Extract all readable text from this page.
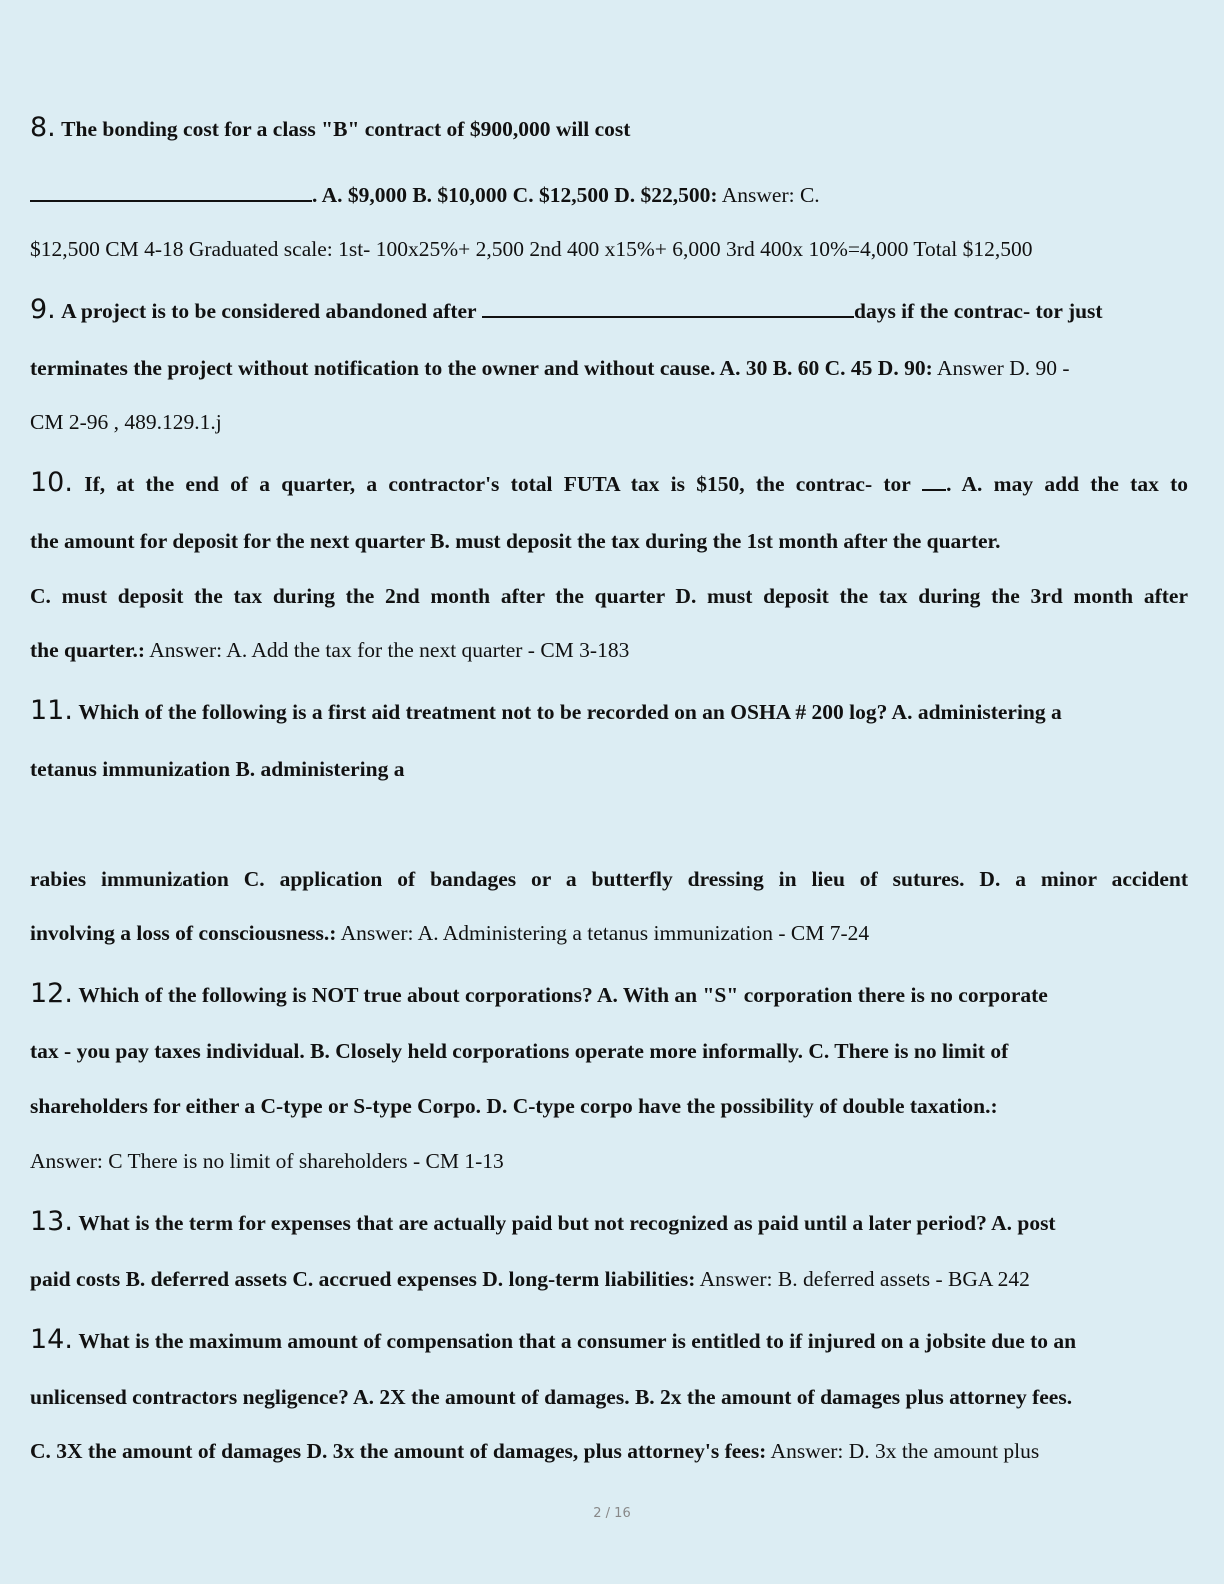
8. The bonding cost for a class "B" contract of $900,000 will cost
. A. $9,000 B. $10,000 C. $12,500 D. $22,500: Answer: C.
$12,500 CM 4-18 Graduated scale: 1st- 100x25%+ 2,500 2nd 400 x15%+ 6,000 3rd 400x 10%=4,000 Total $12,500
9. A project is to be considered abandoned after	days if the contrac- tor just
terminates the project without notification to the owner and without cause. A. 30 B. 60 C. 45 D. 90: Answer D. 90 -
CM 2-96 , 489.129.1.j
10. If, at the end of a quarter, a contractor's total FUTA tax is $150, the contrac- tor . A. may add the tax to
the amount for deposit for the next quarter B. must deposit the tax during the 1st month after the quarter.
C. must deposit the tax during the 2nd month after the quarter D. must deposit the tax during the 3rd month after
the quarter.: Answer: A. Add the tax for the next quarter - CM 3-183
11. Which of the following is a first aid treatment not to be recorded on an OSHA # 200 log? A. administering a
tetanus immunization B. administering a
rabies immunization C. application of bandages or a butterfly dressing in lieu of sutures. D. a minor accident
involving a loss of consciousness.: Answer: A. Administering a tetanus immunization - CM 7-24
12. Which of the following is NOT true about corporations? A. With an "S" corporation there is no corporate
tax - you pay taxes individual. B. Closely held corporations operate more informally. C. There is no limit of
shareholders for either a C-type or S-type Corpo. D. C-type corpo have the possibility of double taxation.:
Answer: C There is no limit of shareholders - CM 1-13
13. What is the term for expenses that are actually paid but not recognized as paid until a later period? A. post
paid costs B. deferred assets C. accrued expenses D. long-term liabilities: Answer: B. deferred assets - BGA 242
14. What is the maximum amount of compensation that a consumer is entitled to if injured on a jobsite due to an
unlicensed contractors negligence? A. 2X the amount of damages. B. 2x the amount of damages plus attorney fees.
C. 3X the amount of damages D. 3x the amount of damages, plus attorney's fees: Answer: D. 3x the amount plus
2 / 16
